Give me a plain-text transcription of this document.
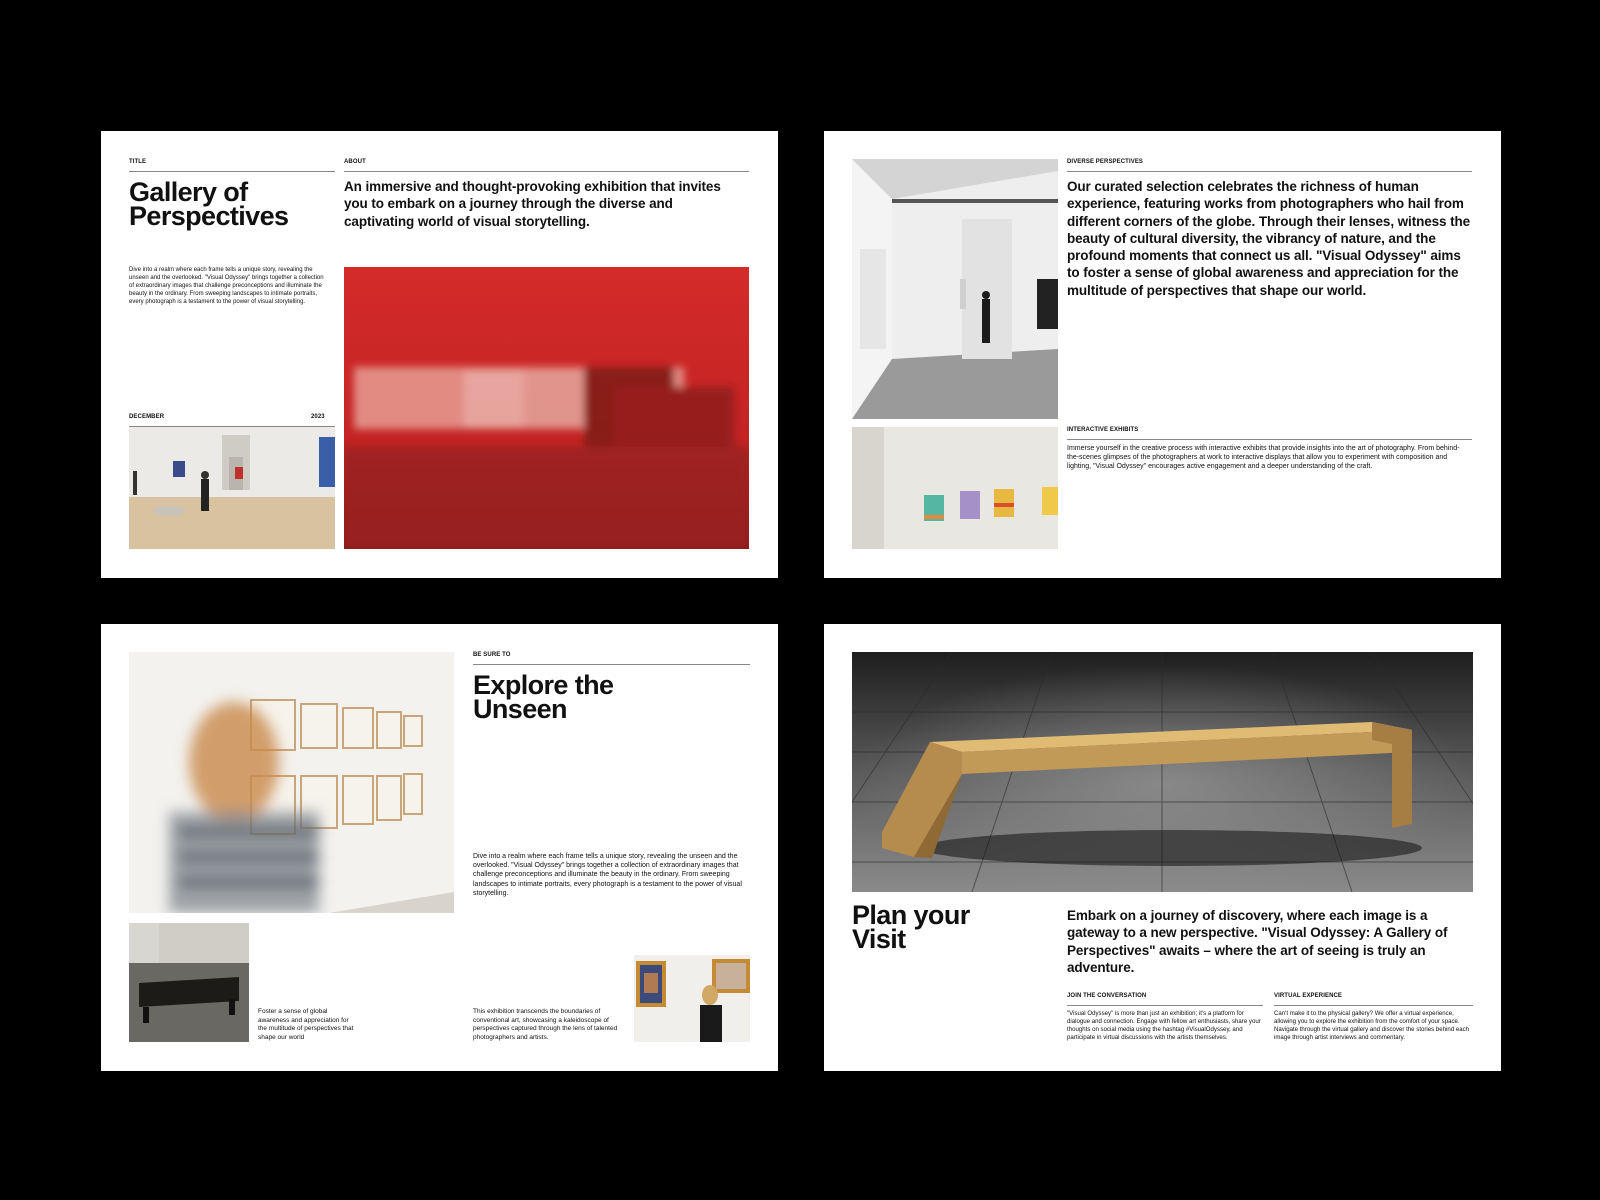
TITLE	ABOUT
Gallery of Perspectives
An immersive and thought-provoking exhibition that invites you to embark on a journey through the diverse and captivating world of visual storytelling.
Dive into a realm where each frame tells a unique story, revealing the unseen and the overlooked. "Visual Odyssey" brings together a collection of extraordinary images that challenge preconceptions and illuminate the beauty in the ordinary. From sweeping landscapes to intimate portraits, every photograph is a testament to the power of visual storytelling.
DECEMBER	2023
DIVERSE PERSPECTIVES
Our curated selection celebrates the richness of human experience, featuring works from photographers who hail from different corners of the globe. Through their lenses, witness the beauty of cultural diversity, the vibrancy of nature, and the profound moments that connect us all. "Visual Odyssey" aims to foster a sense of global awareness and appreciation for the multitude of perspectives that shape our world.
INTERACTIVE EXHIBITS
Immerse yourself in the creative process with interactive exhibits that provide insights into the art of photography. From behind-the-scenes glimpses of the photographers at work to interactive displays that allow you to experiment with composition and lighting, "Visual Odyssey" encourages active engagement and a deeper understanding of the craft.
BE SURE TO
Explore the Unseen
Dive into a realm where each frame tells a unique story, revealing the unseen and the overlooked. "Visual Odyssey" brings together a collection of extraordinary images that challenge preconceptions and illuminate the beauty in the ordinary. From sweeping landscapes to intimate portraits, every photograph is a testament to the power of visual storytelling.
Foster a sense of global awareness and appreciation for the multitude of perspectives that shape our world
This exhibition transcends the boundaries of conventional art, showcasing a kaleidoscope of perspectives captured through the lens of talented photographers and artists.
Plan your Visit
Embark on a journey of discovery, where each image is a gateway to a new perspective. "Visual Odyssey: A Gallery of Perspectives" awaits – where the art of seeing is truly an adventure.
JOIN THE CONVERSATION
"Visual Odyssey" is more than just an exhibition; it's a platform for dialogue and connection. Engage with fellow art enthusiasts, share your thoughts on social media using the hashtag #VisualOdyssey, and participate in virtual discussions with the artists themselves.
VIRTUAL EXPERIENCE
Can't make it to the physical gallery? We offer a virtual experience, allowing you to explore the exhibition from the comfort of your space. Navigate through the virtual gallery and discover the stories behind each image through artist interviews and commentary.
